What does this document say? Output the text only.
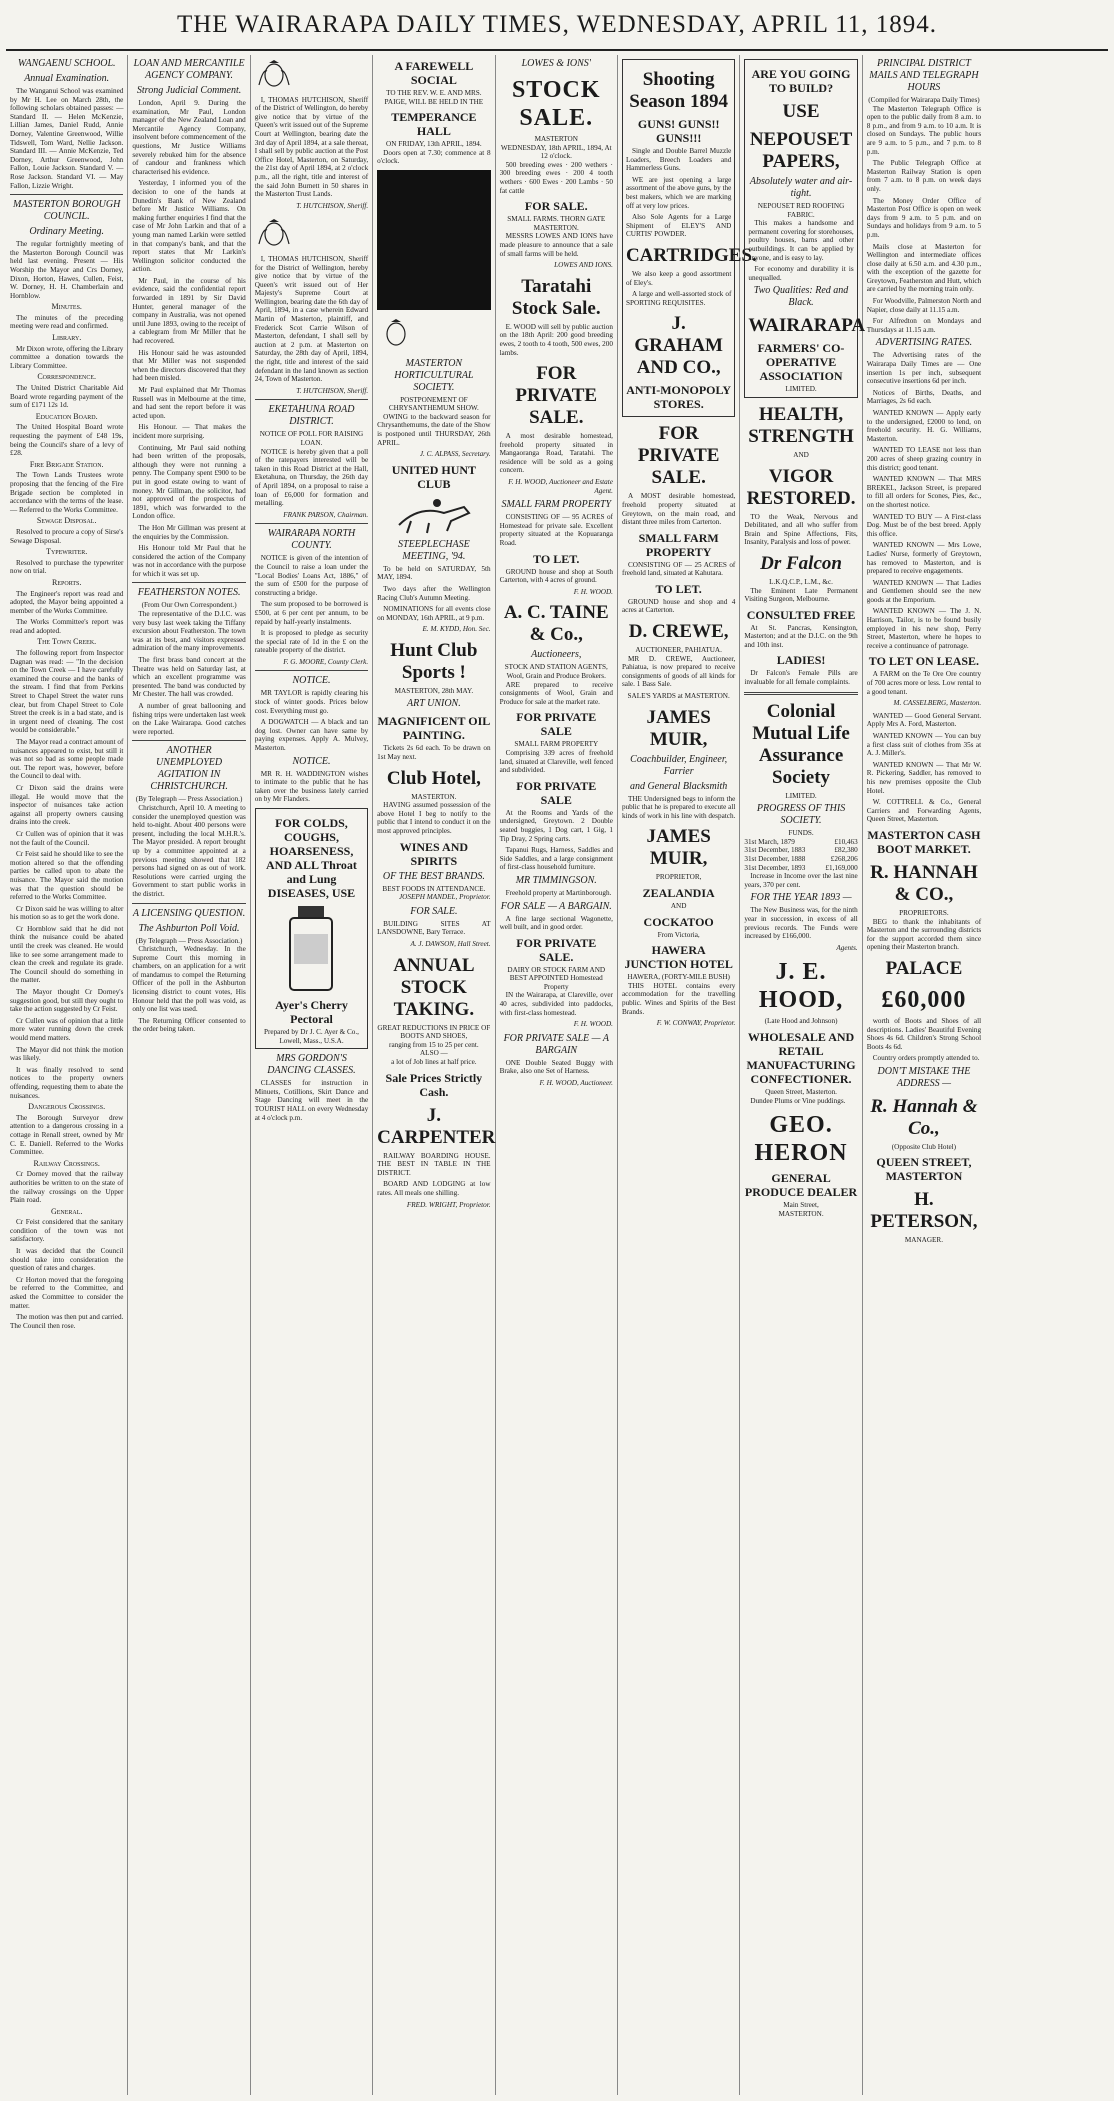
THE WAIRARAPA DAILY TIMES, WEDNESDAY, APRIL 11, 1894.
WANGAENU SCHOOL.
Annual Examination.

The Wanganui School was examined by Mr H. Lee on March 28th, the following scholars obtained passes: — Standard II. — Helen McKenzie, Lillian James, Daniel Rudd, Annie Dorney, Valentine Greenwood, Willie Tidswell, Tom Ward, Nellie Jackson. Standard III. — Annie McKenzie, Ted Dorney, Arthur Greenwood, John Fallon, Louie Jackson. Standard V. — Rose Jackson. Standard VI. — May Fallon, Lizzie Wright.

MASTERTON BOROUGH COUNCIL.
Ordinary Meeting.

The regular fortnightly meeting of the Masterton Borough Council was held last evening. Present — His Worship the Mayor and Crs Dorney, Dixon, Horton, Hawes, Cullen, Feist, W. Dorney, H. H. Chamberlain and Hornblow.

Minutes.

The minutes of the preceding meeting were read and confirmed.

Library.

Mr Dixon wrote, offering the Library committee a donation towards the Library Committee.

Correspondence.

The United District Charitable Aid Board wrote regarding payment of the sum of £171 12s 1d.

Education Board.

The United Hospital Board wrote requesting the payment of £48 19s, being the Council's share of a levy of £28.

Fire Brigade Station.

The Town Lands Trustees wrote proposing that the fencing of the Fire Brigade section be completed in accordance with the terms of the lease. — Referred to the Works Committee.

Sewage Disposal.

Resolved to procure a copy of Sirse's Sewage Disposal.

Typewriter.

Resolved to purchase the typewriter now on trial.

Reports.

The Engineer's report was read and adopted, the Mayor being appointed a member of the Works Committee.

The Works Committee's report was read and adopted.

The Town Creek.

The following report from Inspector Dagnan was read: — "In the decision on the Town Creek — I have carefully examined the course and the banks of the stream. I find that from Perkins Street to Chapel Street the water runs clear, but from Chapel Street to Cole Street the creek is in a bad state, and is in urgent need of cleaning. The cost would be considerable."

The Mayor read a contract amount of nuisances appeared to exist, but still it was not so bad as some people made out. The report was, however, before the Council to deal with.

Cr Dixon said the drains were illegal. He would move that the inspector of nuisances take action against all property owners causing drains into the creek.

Cr Cullen was of opinion that it was not the fault of the Council.

Cr Feist said he should like to see the motion altered so that the offending parties be called upon to abate the nuisance. The Mayor said the motion was that the question should be referred to the Works Committee.

Cr Dixon said he was willing to alter his motion so as to get the work done.

Cr Hornblow said that he did not think the nuisance could be abated until the creek was cleaned. He would like to see some arrangement made to clean the creek and regulate its grade. The Council should do something in the matter.

The Mayor thought Cr Dorney's suggestion good, but still they ought to take the action suggested by Cr Feist.

Cr Cullen was of opinion that a little more water running down the creek would mend matters.

The Mayor did not think the motion was likely.

It was finally resolved to send notices to the property owners offending, requesting them to abate the nuisances.

Dangerous Crossings.

The Borough Surveyor drew attention to a dangerous crossing in a cottage in Renall street, owned by Mr C. E. Daniell. Referred to the Works Committee.

Railway Crossings.

Cr Dorney moved that the railway authorities be written to on the state of the railway crossings on the Upper Plain road.

General.

Cr Feist considered that the sanitary condition of the town was not satisfactory.

It was decided that the Council should take into consideration the question of rates and charges.

Cr Horton moved that the foregoing be referred to the Committee, and asked the Committee to consider the matter.

The motion was then put and carried. The Council then rose.

LOAN AND MERCANTILE AGENCY COMPANY.
Strong Judicial Comment.

London, April 9. During the examination, Mr Paul, London manager of the New Zealand Loan and Mercantile Agency Company, insolvent before commencement of the questions, Mr Justice Williams severely rebuked him for the absence of candour and frankness which characterised his evidence.

Yesterday, I informed you of the decision to one of the hands at Dunedin's Bank of New Zealand before Mr Justice Williams. On making further enquiries I find that the case of Mr John Larkin and that of a young man named Larkin were settled in that company's bank, and that the report states that Mr Larkin's Wellington solicitor conducted the action.

Mr Paul, in the course of his evidence, said the confidential report forwarded in 1891 by Sir David Hunter, general manager of the company in Australia, was not opened until June 1893, owing to the receipt of a cablegram from Mr Miller that he had recovered.

His Honour said he was astounded that Mr Miller was not suspended when the directors discovered that they had been misled.

Mr Paul explained that Mr Thomas Russell was in Melbourne at the time, and had sent the report before it was acted upon.

His Honour. — That makes the incident more surprising.

Continuing, Mr Paul said nothing had been written of the proposals, although they were not running a penny. The Company spent £900 to be put in good estate owing to want of money. Mr Gillman, the solicitor, had not approved of the prospectus of 1891, which was forwarded to the London office.

The Hon Mr Gillman was present at the enquiries by the Commission.

His Honour told Mr Paul that he considered the action of the Company was not in accordance with the purpose for which it was set up.

FEATHERSTON NOTES.
(From Our Own Correspondent.)

The representative of the D.I.C. was very busy last week taking the Tiffany excursion about Featherston. The town was at its best, and visitors expressed admiration of the many improvements.

The first brass band concert at the Theatre was held on Saturday last, at which an excellent programme was presented. The band was conducted by Mr Chester. The hall was crowded.

A number of great ballooning and fishing trips were undertaken last week on the Lake Wairarapa. Good catches were reported.

ANOTHER UNEMPLOYED AGITATION IN CHRISTCHURCH.
(By Telegraph — Press Association.)

Christchurch, April 10. A meeting to consider the unemployed question was held to-night. About 400 persons were present, including the local M.H.R.'s. The Mayor presided. A report brought up by a committee appointed at a previous meeting showed that 182 persons had signed on as out of work. Resolutions were carried urging the Government to start public works in the district.

A LICENSING QUESTION.
The Ashburton Poll Void.
(By Telegraph — Press Association.)

Christchurch, Wednesday. In the Supreme Court this morning in chambers, on an application for a writ of mandamus to compel the Returning Officer of the poll in the Ashburton licensing district to count votes, His Honour held that the poll was void, as only one list was used.

The Returning Officer consented to the order being taken.

I, THOMAS HUTCHISON, Sheriff of the District of Wellington, do hereby give notice that by virtue of the Queen's writ issued out of the Supreme Court at Wellington, bearing date the 3rd day of April 1894, at a sale thereat, I shall sell by public auction at the Post Office Hotel, Masterton, on Saturday, the 21st day of April 1894, at 2 o'clock p.m., all the right, title and interest of the said John Burnett in 50 shares in the Masterton Trust Lands.

T. HUTCHISON, Sheriff.

I, THOMAS HUTCHISON, Sheriff for the District of Wellington, hereby give notice that by virtue of the Queen's writ issued out of Her Majesty's Supreme Court at Wellington, bearing date the 6th day of April, 1894, in a case wherein Edward Martin of Masterton, plaintiff, and Frederick Scot Carrie Wilson of Masterton, defendant, I shall sell by auction at 2 p.m. at Masterton on Saturday, the 28th day of April, 1894, the right, title and interest of the said defendant in the land known as section 24, Town of Masterton.

T. HUTCHISON, Sheriff.
EKETAHUNA ROAD DISTRICT.
NOTICE OF POLL FOR RAISING LOAN.

NOTICE is hereby given that a poll of the ratepayers interested will be taken in this Road District at the Hall, Eketahuna, on Thursday, the 26th day of April 1894, on a proposal to raise a loan of £6,000 for formation and metalling.

FRANK PARSON, Chairman.
WAIRARAPA NORTH COUNTY.

NOTICE is given of the intention of the Council to raise a loan under the "Local Bodies' Loans Act, 1886," of the sum of £500 for the purpose of constructing a bridge.

The sum proposed to be borrowed is £500, at 6 per cent per annum, to be repaid by half-yearly instalments.

It is proposed to pledge as security the special rate of 1d in the £ on the rateable property of the district.

F. G. MOORE, County Clerk.
NOTICE.

MR TAYLOR is rapidly clearing his stock of winter goods. Prices below cost. Everything must go.

A DOGWATCH — A black and tan dog lost. Owner can have same by paying expenses. Apply A. Mulvey, Masterton.

NOTICE.

MR R. H. WADDINGTON wishes to intimate to the public that he has taken over the business lately carried on by Mr Flanders.

FOR COLDS, COUGHS, HOARSENESS, AND ALL Throat and Lung DISEASES, USE
Ayer's Cherry Pectoral
Prepared by Dr J. C. Ayer & Co., Lowell, Mass., U.S.A.
MRS GORDON'S DANCING CLASSES.

CLASSES for instruction in Minuets, Cotillions, Skirt Dance and Stage Dancing will meet in the TOURIST HALL on every Wednesday at 4 o'clock p.m.

A FAREWELL SOCIAL
TO THE REV. W. E. AND MRS. PAIGE, WILL BE HELD IN THE
TEMPERANCE HALL
ON FRIDAY, 13th APRIL, 1894.

Doors open at 7.30; commence at 8 o'clock.

MASTERTON HORTICULTURAL SOCIETY.
POSTPONEMENT OF CHRYSANTHEMUM SHOW.

OWING to the backward season for Chrysanthemums, the date of the Show is postponed until THURSDAY, 26th APRIL.

J. C. ALPASS, Secretary.
UNITED HUNT CLUB
STEEPLECHASE MEETING, '94.

To be held on SATURDAY, 5th MAY, 1894.

Two days after the Wellington Racing Club's Autumn Meeting.

NOMINATIONS for all events close on MONDAY, 16th APRIL, at 9 p.m.

E. M. KYDD, Hon. Sec.
Hunt Club Sports !
MASTERTON, 28th MAY.
ART UNION.
MAGNIFICENT OIL PAINTING.

Tickets 2s 6d each. To be drawn on 1st May next.

Club Hotel,
MASTERTON.

HAVING assumed possession of the above Hotel I beg to notify to the public that I intend to conduct it on the most approved principles.

WINES AND SPIRITS
OF THE BEST BRANDS.
BEST FOODS IN ATTENDANCE.
JOSEPH MANDEL, Proprietor.
FOR SALE.

BUILDING SITES AT LANSDOWNE, Bary Terrace.

A. J. DAWSON, Hall Street.
ANNUAL STOCK TAKING.
GREAT REDUCTIONS IN PRICE OF BOOTS AND SHOES,
ranging from 15 to 25 per cent.
ALSO —
a lot of Job lines at half price.
Sale Prices Strictly Cash.
J. CARPENTER

RAILWAY BOARDING HOUSE. THE BEST IN TABLE IN THE DISTRICT.

BOARD AND LODGING at low rates. All meals one shilling.

FRED. WRIGHT, Proprietor.
LOWES & IONS'
STOCK SALE.
MASTERTON
WEDNESDAY, 18th APRIL, 1894, At 12 o'clock.

500 breeding ewes · 200 wethers · 300 breeding ewes · 200 4 tooth wethers · 600 Ewes · 200 Lambs · 50 fat cattle

FOR SALE.
SMALL FARMS. THORN GATE MASTERTON.

MESSRS LOWES AND IONS have made pleasure to announce that a sale of small farms will be held.

LOWES AND IONS.
Taratahi Stock Sale.

E. WOOD will sell by public auction on the 18th April: 200 good breeding ewes, 2 tooth to 4 tooth, 500 ewes, 200 lambs.

FOR PRIVATE SALE.

A most desirable homestead, freehold property situated in Mangaoranga Road, Taratahi. The residence will be sold as a going concern.

F. H. WOOD, Auctioneer and Estate Agent.
SMALL FARM PROPERTY

CONSISTING OF — 95 ACRES of Homestead for private sale. Excellent property situated at the Kopuaranga Road.

TO LET.

GROUND house and shop at South Carterton, with 4 acres of ground.

F. H. WOOD.
A. C. TAINE & Co.,
Auctioneers,
STOCK AND STATION AGENTS, Wool, Grain and Produce Brokers.

ARE prepared to receive consignments of Wool, Grain and Produce for sale at the market rate.

FOR PRIVATE SALE
SMALL FARM PROPERTY

Comprising 339 acres of freehold land, situated at Clareville, well fenced and subdivided.

FOR PRIVATE SALE

At the Rooms and Yards of the undersigned, Greytown. 2 Double seated buggies, 1 Dog cart, 1 Gig, 1 Tip Dray, 2 Spring carts.

Tapanui Rugs, Harness, Saddles and Side Saddles, and a large consignment of first-class household furniture.

MR TIMMINGSON.

Freehold property at Martinborough.

FOR SALE — A BARGAIN.

A fine large sectional Wagonette, well built, and in good order.

FOR PRIVATE SALE.
DAIRY OR STOCK FARM AND BEST APPOINTED Homestead Property

IN the Wairarapa, at Clareville, over 40 acres, subdivided into paddocks, with first-class homestead.

F. H. WOOD.
FOR PRIVATE SALE — A BARGAIN

ONE Double Seated Buggy with Brake, also one Set of Harness.

F. H. WOOD, Auctioneer.
Shooting Season 1894
GUNS! GUNS!! GUNS!!!

Single and Double Barrel Muzzle Loaders, Breech Loaders and Hammerless Guns.

WE are just opening a large assortment of the above guns, by the best makers, which we are marking off at very low prices.

Also Sole Agents for a Large Shipment of ELEY'S AND CURTIS' POWDER.

CARTRIDGES.

We also keep a good assortment of Eley's.

A large and well-assorted stock of SPORTING REQUISITES.

J. GRAHAM AND CO.,
ANTI-MONOPOLY STORES.
FOR PRIVATE SALE.

A MOST desirable homestead, freehold property situated at Greytown, on the main road, and distant three miles from Carterton.

SMALL FARM PROPERTY

CONSISTING OF — 25 ACRES of freehold land, situated at Kahutara.

TO LET.

GROUND house and shop and 4 acres at Carterton.

D. CREWE,
AUCTIONEER, PAHIATUA.

MR D. CREWE, Auctioneer, Pahiatua, is now prepared to receive consignments of goods of all kinds for sale. 1 Bass Sale.

SALE'S YARDS at MASTERTON.
JAMES MUIR,
Coachbuilder, Engineer, Farrier
and General Blacksmith

THE Undersigned begs to inform the public that he is prepared to execute all kinds of work in his line with despatch.

JAMES MUIR,
PROPRIETOR,
ZEALANDIA
AND
COCKATOO
From Victoria,
HAWERA JUNCTION HOTEL
HAWERA, (FORTY-MILE BUSH)

THIS HOTEL contains every accommodation for the travelling public. Wines and Spirits of the Best Brands.

F. W. CONWAY, Proprietor.
ARE YOU GOING TO BUILD?
USE
NEPOUSET PAPERS,
Absolutely water and air-tight.
NEPOUSET RED ROOFING FABRIC.

This makes a handsome and permanent covering for storehouses, poultry houses, barns and other outbuildings. It can be applied by anyone, and is easy to lay.

For economy and durability it is unequalled.

Two Qualities: Red and Black.
WAIRARAPA
FARMERS' CO-OPERATIVE ASSOCIATION
LIMITED.
HEALTH, STRENGTH
AND
VIGOR RESTORED.

TO the Weak, Nervous and Debilitated, and all who suffer from Brain and Spine Affections, Fits, Insanity, Paralysis and loss of power.

Dr Falcon
L.K.Q.C.P., L.M., &c.

The Eminent Late Permanent Visiting Surgeon, Melbourne.

CONSULTED FREE

At St. Pancras, Kensington, Masterton; and at the D.I.C. on the 9th and 10th inst.

LADIES!

Dr Falcon's Female Pills are invaluable for all female complaints.

Colonial Mutual Life Assurance Society
LIMITED.
PROGRESS OF THIS SOCIETY.
FUNDS.
31st March, 1879	£10,463
31st December, 1883	£82,380
31st December, 1888	£268,206
31st December, 1893	£1,169,000

Increase in Income over the last nine years, 370 per cent.

FOR THE YEAR 1893 —

The New Business was, for the ninth year in succession, in excess of all previous records. The Funds were increased by £166,000.

Agents.
J. E. HOOD,
(Late Hood and Johnson)
WHOLESALE AND RETAIL MANUFACTURING CONFECTIONER.
Queen Street, Masterton.

Dundee Plums or Vine puddings.

GEO. HERON
GENERAL PRODUCE DEALER
Main Street,
MASTERTON.
PRINCIPAL DISTRICT MAILS AND TELEGRAPH HOURS
(Compiled for Wairarapa Daily Times)

The Masterton Telegraph Office is open to the public daily from 8 a.m. to 8 p.m., and from 9 a.m. to 10 a.m. It is closed on Sundays. The public hours are 9 a.m. to 5 p.m., and 7 p.m. to 8 p.m.

The Public Telegraph Office at Masterton Railway Station is open from 7 a.m. to 8 p.m. on week days only.

The Money Order Office of Masterton Post Office is open on week days from 9 a.m. to 5 p.m. and on Sundays and holidays from 9 a.m. to 5 p.m.

Mails close at Masterton for Wellington and intermediate offices close daily at 6.50 a.m. and 4.30 p.m., with the exception of the gazette for Greytown, Featherston and Hutt, which are carried by the morning train only.

For Woodville, Palmerston North and Napier, close daily at 11.15 a.m.

For Alfredton on Mondays and Thursdays at 11.15 a.m.

ADVERTISING RATES.

The Advertising rates of the Wairarapa Daily Times are — One insertion 1s per inch, subsequent consecutive insertions 6d per inch.

Notices of Births, Deaths, and Marriages, 2s 6d each.

WANTED KNOWN — Apply early to the undersigned, £2000 to lend, on freehold security. H. G. Williams, Masterton.

WANTED TO LEASE not less than 200 acres of sheep grazing country in this district; good tenant.

WANTED KNOWN — That MRS BREKEL, Jackson Street, is prepared to fill all orders for Scones, Pies, &c., on the shortest notice.

WANTED TO BUY — A First-class Dog. Must be of the best breed. Apply this office.

WANTED KNOWN — Mrs Lowe, Ladies' Nurse, formerly of Greytown, has removed to Masterton, and is prepared to receive engagements.

WANTED KNOWN — That Ladies and Gentlemen should see the new goods at the Emporium.

WANTED KNOWN — The J. N. Harrison, Tailor, is to be found busily employed in his new shop, Perry Street, Masterton, where he hopes to receive a continuance of patronage.

TO LET ON LEASE.

A FARM on the Te Ore Ore country of 700 acres more or less. Low rental to a good tenant.

M. CASSELBERG, Masterton.

WANTED — Good General Servant. Apply Mrs A. Ford, Masterton.

WANTED KNOWN — You can buy a first class suit of clothes from 35s at A. J. Miller's.

WANTED KNOWN — That Mr W. R. Pickering, Saddler, has removed to his new premises opposite the Club Hotel.

W. COTTRELL & Co., General Carriers and Forwarding Agents, Queen Street, Masterton.

MASTERTON CASH BOOT MARKET.
R. HANNAH & CO.,
PROPRIETORS.

BEG to thank the inhabitants of Masterton and the surrounding districts for the support accorded them since opening their Masterton branch.

PALACE
£60,000

worth of Boots and Shoes of all descriptions. Ladies' Beautiful Evening Shoes 4s 6d. Children's Strong School Boots 4s 6d.

Country orders promptly attended to.

DON'T MISTAKE THE ADDRESS —
R. Hannah & Co.,
(Opposite Club Hotel)
QUEEN STREET, MASTERTON
H. PETERSON,
MANAGER.
